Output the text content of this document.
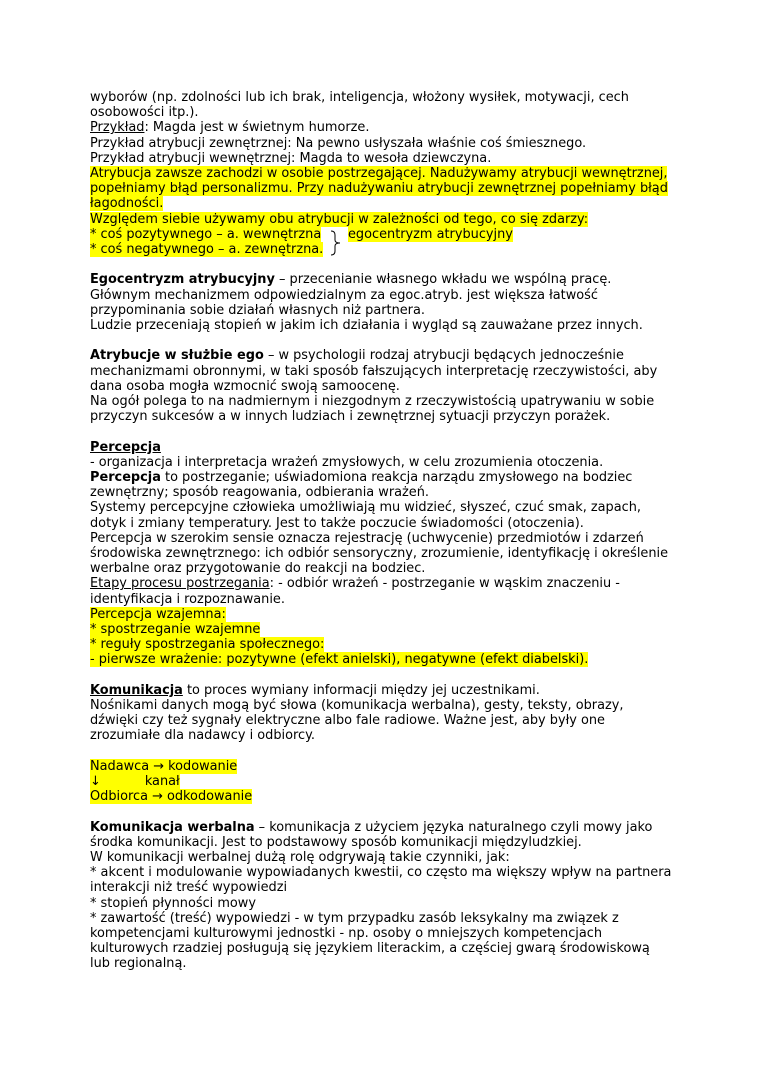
wyborów (np. zdolności lub ich brak, inteligencja, włożony wysiłek, motywacji, cech
osobowości itp.).
Przykład: Magda jest w świetnym humorze.
Przykład atrybucji zewnętrznej: Na pewno usłyszała właśnie coś śmiesznego.
Przykład atrybucji wewnętrznej: Magda to wesoła dziewczyna.
Atrybucja zawsze zachodzi w osobie postrzegającej. Nadużywamy atrybucji wewnętrznej,
popełniamy błąd personalizmu. Przy nadużywaniu atrybucji zewnętrznej popełniamy błąd
łagodności.
Względem siebie używamy obu atrybucji w zależności od tego, co się zdarzy:
* coś pozytywnego – a. wewnętrzna
* coś negatywnego – a. zewnętrzna.
egocentryzm atrybucyjny
Egocentryzm atrybucyjny – przecenianie własnego wkładu we wspólną pracę.
Głównym mechanizmem odpowiedzialnym za egoc.atryb. jest większa łatwość
przypominania sobie działań własnych niż partnera.
Ludzie przeceniają stopień w jakim ich działania i wygląd są zauważane przez innych.
Atrybucje w służbie ego – w psychologii rodzaj atrybucji będących jednocześnie
mechanizmami obronnymi, w taki sposób fałszujących interpretację rzeczywistości, aby
dana osoba mogła wzmocnić swoją samoocenę.
Na ogół polega to na nadmiernym i niezgodnym z rzeczywistością upatrywaniu w sobie
przyczyn sukcesów a w innych ludziach i zewnętrznej sytuacji przyczyn porażek.
Percepcja
- organizacja i interpretacja wrażeń zmysłowych, w celu zrozumienia otoczenia.
Percepcja to postrzeganie; uświadomiona reakcja narządu zmysłowego na bodziec
zewnętrzny; sposób reagowania, odbierania wrażeń.
Systemy percepcyjne człowieka umożliwiają mu widzieć, słyszeć, czuć smak, zapach,
dotyk i zmiany temperatury. Jest to także poczucie świadomości (otoczenia).
Percepcja w szerokim sensie oznacza rejestrację (uchwycenie) przedmiotów i zdarzeń
środowiska zewnętrznego: ich odbiór sensoryczny, zrozumienie, identyfikację i określenie
werbalne oraz przygotowanie do reakcji na bodziec.
Etapy procesu postrzegania: - odbiór wrażeń - postrzeganie w wąskim znaczeniu -
identyfikacja i rozpoznawanie.
Percepcja wzajemna:
* spostrzeganie wzajemne
* reguły spostrzegania społecznego:
- pierwsze wrażenie: pozytywne (efekt anielski), negatywne (efekt diabelski).
Komunikacja to proces wymiany informacji między jej uczestnikami.
Nośnikami danych mogą być słowa (komunikacja werbalna), gesty, teksty, obrazy,
dźwięki czy też sygnały elektryczne albo fale radiowe. Ważne jest, aby były one
zrozumiałe dla nadawcy i odbiorcy.
Nadawca → kodowanie
↓	kanał
Odbiorca → odkodowanie
Komunikacja werbalna – komunikacja z użyciem języka naturalnego czyli mowy jako
środka komunikacji. Jest to podstawowy sposób komunikacji międzyludzkiej.
W komunikacji werbalnej dużą rolę odgrywają takie czynniki, jak:
* akcent i modulowanie wypowiadanych kwestii, co często ma większy wpływ na partnera
interakcji niż treść wypowiedzi
* stopień płynności mowy
* zawartość (treść) wypowiedzi - w tym przypadku zasób leksykalny ma związek z
kompetencjami kulturowymi jednostki - np. osoby o mniejszych kompetencjach
kulturowych rzadziej posługują się językiem literackim, a częściej gwarą środowiskową
lub regionalną.
